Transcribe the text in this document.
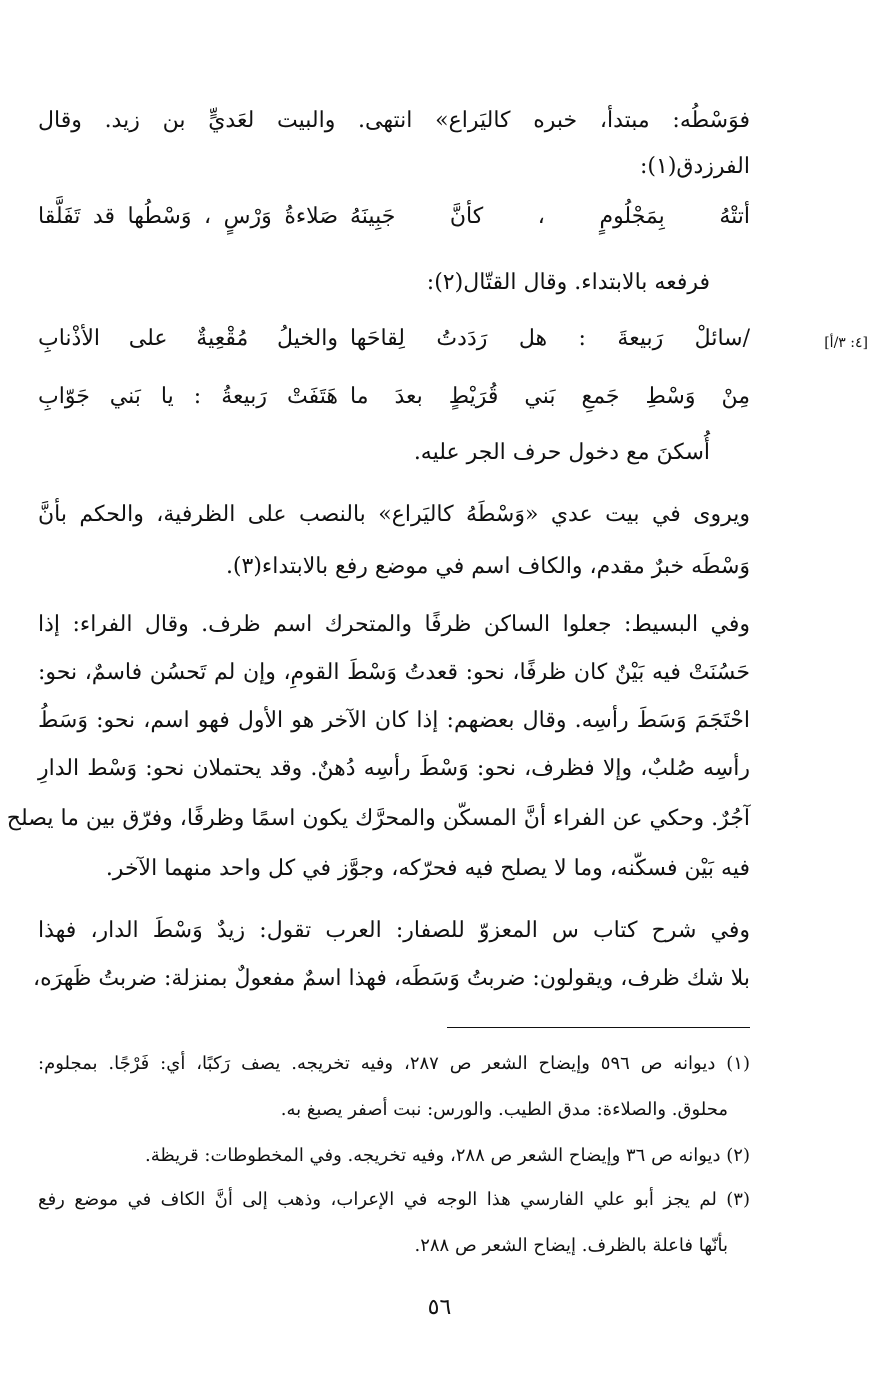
فوَسْطُه: مبتدأ، خبره كاليَراع» انتهى. والبيت لعَديٍّ بن زيد. وقال
الفرزدق(١):
أتتْهُ بِمَجْلُومٍ ، كأنَّ جَبِينَهُ
صَلاءةُ وَرْسٍ ، وَسْطُها قد تَفَلَّقا
فرفعه بالابتداء. وقال القتّال(٢):
[٤: ٣/أ]
/سائلْ رَبيعةَ : هل رَدَدتُ لِقاحَها
والخيلُ مُقْعِيةٌ على الأذْنابِ
مِنْ وَسْطِ جَمعِ بَني قُرَيْطٍ بعدَ ما
هَتَفَتْ رَبيعةُ : يا بَني جَوّابِ
أُسكنَ مع دخول حرف الجر عليه.
ويروى في بيت عدي «وَسْطَهُ كاليَراع» بالنصب على الظرفية، والحكم بأنَّ
وَسْطَه خبرٌ مقدم، والكاف اسم في موضع رفع بالابتداء(٣).
وفي البسيط: جعلوا الساكن ظرفًا والمتحرك اسم ظرف. وقال الفراء: إذا
حَسُنَتْ فيه بَيْنٌ كان ظرفًا، نحو: قعدتُ وَسْطَ القومِ، وإن لم تَحسُن فاسمٌ، نحو:
احْتَجَمَ وَسَطَ رأسِه. وقال بعضهم: إذا كان الآخر هو الأول فهو اسم، نحو: وَسَطُ
رأسِه صُلبٌ، وإلا فظرف، نحو: وَسْطَ رأسِه دُهنٌ. وقد يحتملان نحو: وَسْط الدارِ
آجُرٌ. وحكي عن الفراء أنَّ المسكّن والمحرَّك يكون اسمًا وظرفًا، وفرّق بين ما يصلح
فيه بَيْن فسكّنه، وما لا يصلح فيه فحرّكه، وجوَّز في كل واحد منهما الآخر.
وفي شرح كتاب س المعزوّ للصفار: العرب تقول: زيدٌ وَسْطَ الدار، فهذا
بلا شك ظرف، ويقولون: ضربتُ وَسَطَه، فهذا اسمٌ مفعولٌ بمنزلة: ضربتُ ظَهرَه،
(١) ديوانه ص ٥٩٦ وإيضاح الشعر ص ٢٨٧، وفيه تخريجه. يصف رَكبًا، أي: فَرْجًا. بمجلوم:
محلوق. والصلاءة: مدق الطيب. والورس: نبت أصفر يصبغ به.
(٢) ديوانه ص ٣٦ وإيضاح الشعر ص ٢٨٨، وفيه تخريجه. وفي المخطوطات: قريظة.
(٣) لم يجز أبو علي الفارسي هذا الوجه في الإعراب، وذهب إلى أنَّ الكاف في موضع رفع
بأنّها فاعلة بالظرف. إيضاح الشعر ص ٢٨٨.
٥٦
